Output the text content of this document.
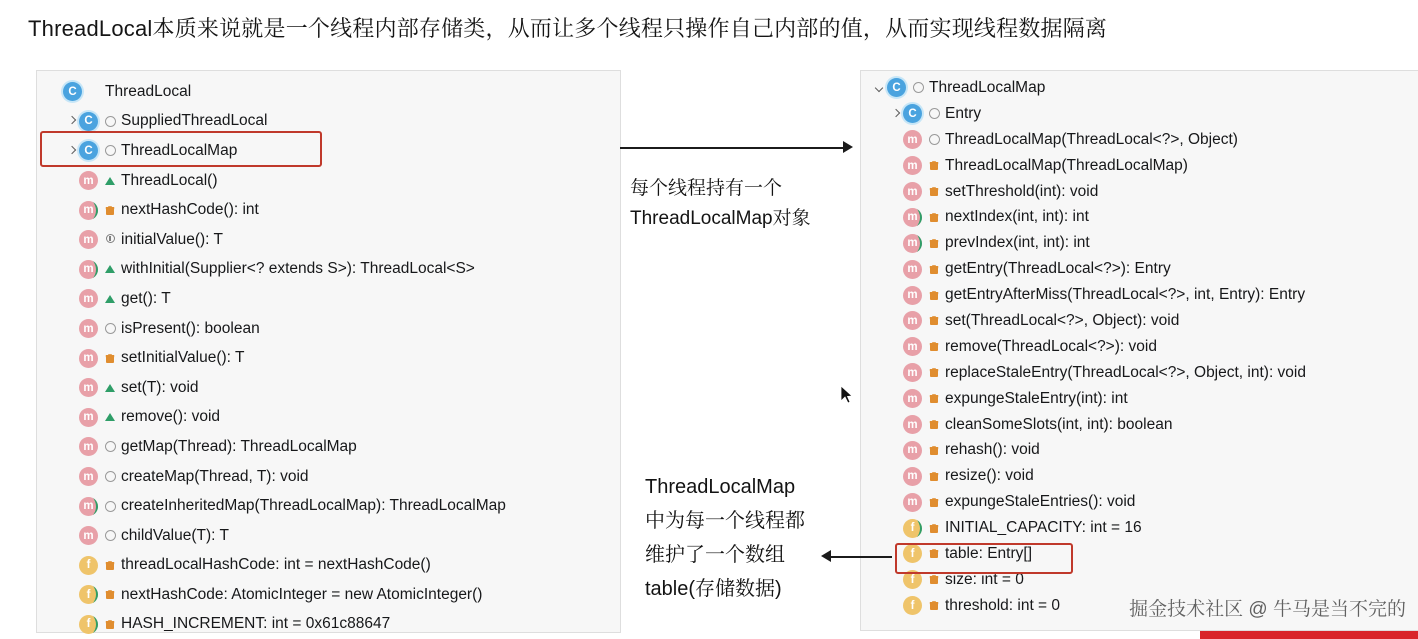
ThreadLocal本质来说就是一个线程内部存储类，从而让多个线程只操作自己内部的值，从而实现线程数据隔离
C	ThreadLocal
C	SuppliedThreadLocal
C	ThreadLocalMap
m ThreadLocal()
m nextHashCode(): int
m initialValue(): T
m withInitial(Supplier<? extends S>): ThreadLocal<S>
m get(): T
m isPresent(): boolean
m setInitialValue(): T
m set(T): void
m remove(): void
m getMap(Thread): ThreadLocalMap
m createMap(Thread, T): void
m createInheritedMap(ThreadLocalMap): ThreadLocalMap
m childValue(T): T
f	threadLocalHashCode: int = nextHashCode()
f	nextHashCode: AtomicInteger = new AtomicInteger()
f	HASH_INCREMENT: int = 0x61c88647
C	ThreadLocalMap
C	Entry
m ThreadLocalMap(ThreadLocal<?>, Object)
m ThreadLocalMap(ThreadLocalMap)
m setThreshold(int): void
m nextIndex(int, int): int
m prevIndex(int, int): int
m getEntry(ThreadLocal<?>): Entry
m getEntryAfterMiss(ThreadLocal<?>, int, Entry): Entry
m set(ThreadLocal<?>, Object): void
m remove(ThreadLocal<?>): void
m replaceStaleEntry(ThreadLocal<?>, Object, int): void
m expungeStaleEntry(int): int
m cleanSomeSlots(int, int): boolean
m rehash(): void
m resize(): void
m expungeStaleEntries(): void
f	INITIAL_CAPACITY: int = 16
f	table: Entry[]
f	size: int = 0
f	threshold: int = 0
每个线程持有一个
ThreadLocalMap对象
ThreadLocalMap
中为每一个线程都
维护了一个数组
table(存储数据)
掘金技术社区 @ 牛马是当不完的
